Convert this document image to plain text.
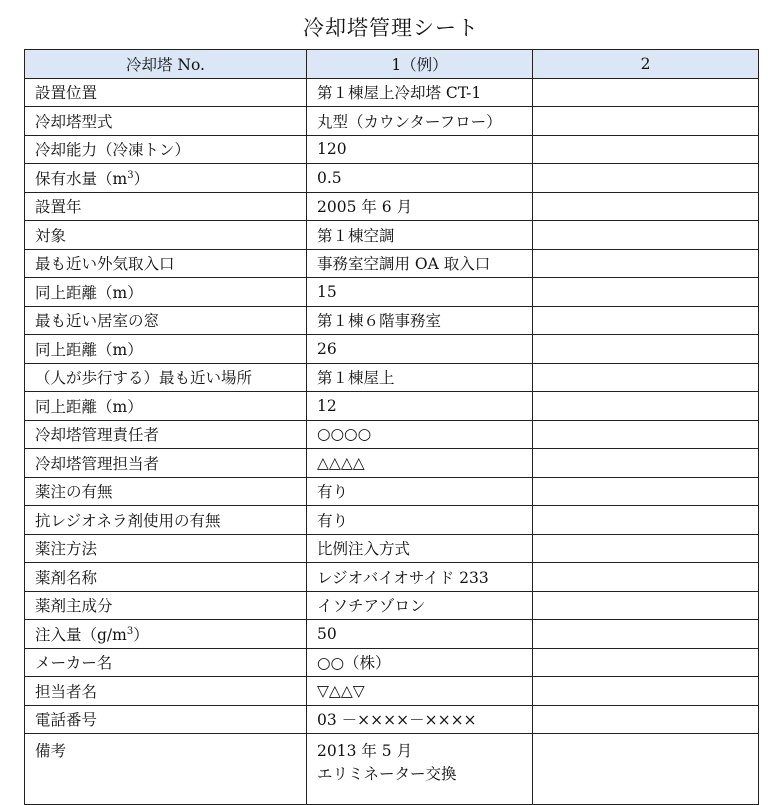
冷却塔管理シート
冷却塔 No.	1（例）	2
設置位置	第１棟屋上冷却塔 CT-1	
冷却塔型式	丸型（カウンターフロー）	
冷却能力（冷凍トン）	120	
保有水量$(m^3)$	0.5	
設置年	2005 年 6 月	
対象	第１棟空調	
最も近い外気取入口	事務室空調用 OA 取入口	
同上距離（m）	15	
最も近い居室の窓	第１棟６階事務室	
同上距離（m）	26	
（人が歩行する）最も近い場所	第１棟屋上	
同上距離（m）	12	
冷却塔管理責任者	○○○○	
冷却塔管理担当者	△△△△	
薬注の有無	有り	
抗レジオネラ剤使用の有無	有り	
薬注方法	比例注入方式	
薬剤名称	レジオバイオサイド 233	
薬剤主成分	イソチアゾロン	
注入量$(g/m^3)$	50	
メーカー名	○○（株）	
担当者名	▽△△▽	
電話番号	03 －××××－××××	
備考	2013 年 5 月
エリミネーター交換	
